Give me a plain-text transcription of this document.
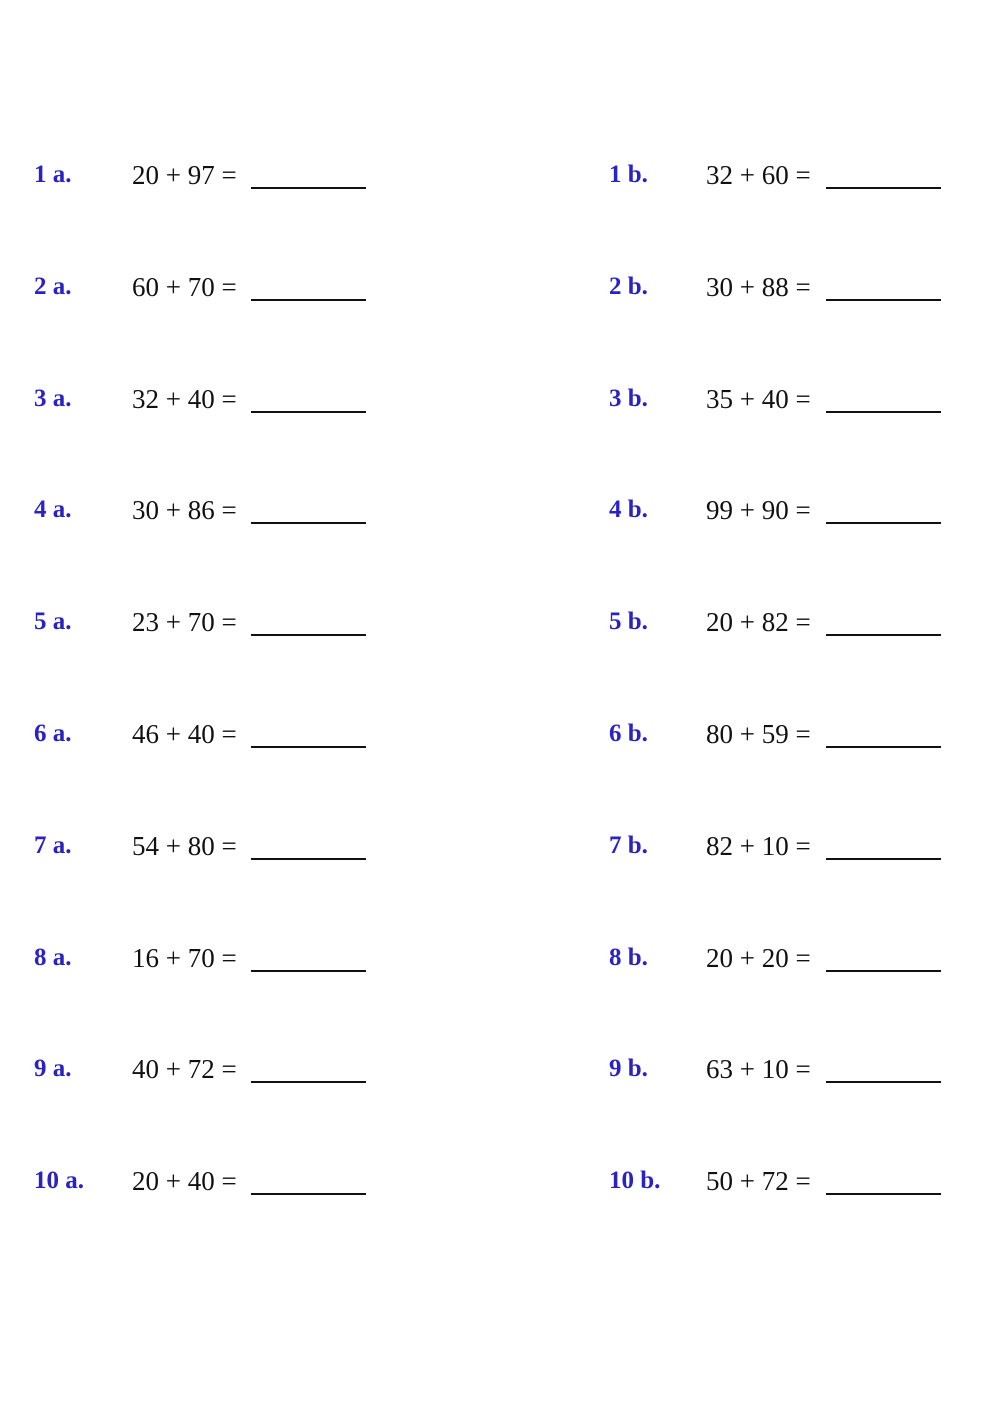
1 a. 20 + 97 =
2 a. 60 + 70 =
3 a. 32 + 40 =
4 a. 30 + 86 =
5 a. 23 + 70 =
6 a. 46 + 40 =
7 a. 54 + 80 =
8 a. 16 + 70 =
9 a. 40 + 72 =
10 a. 20 + 40 =
1 b. 32 + 60 =
2 b. 30 + 88 =
3 b. 35 + 40 =
4 b. 99 + 90 =
5 b. 20 + 82 =
6 b. 80 + 59 =
7 b. 82 + 10 =
8 b. 20 + 20 =
9 b. 63 + 10 =
10 b. 50 + 72 =
